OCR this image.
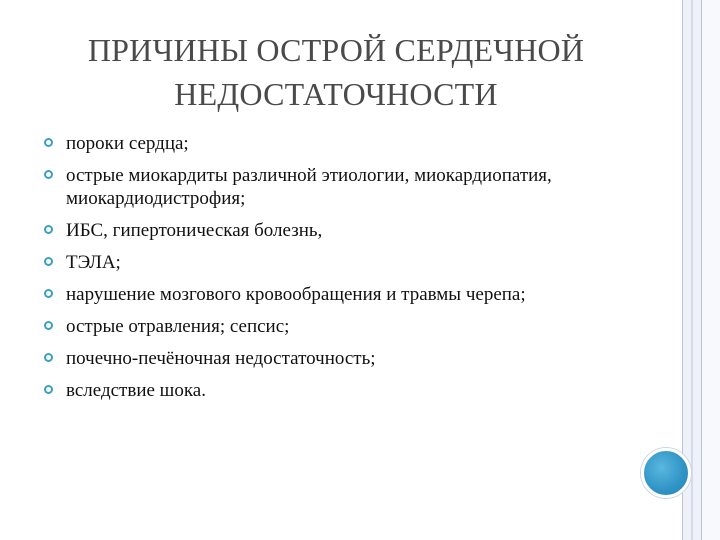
ПРИЧИНЫ ОСТРОЙ СЕРДЕЧНОЙ
НЕДОСТАТОЧНОСТИ
пороки сердца;
острые миокардиты различной этиологии, миокардиопатия, миокардиодистрофия;
ИБС, гипертоническая болезнь,
ТЭЛА;
нарушение мозгового кровообращения и травмы черепа;
острые отравления; сепсис;
почечно-печёночная недостаточность;
вследствие шока.
